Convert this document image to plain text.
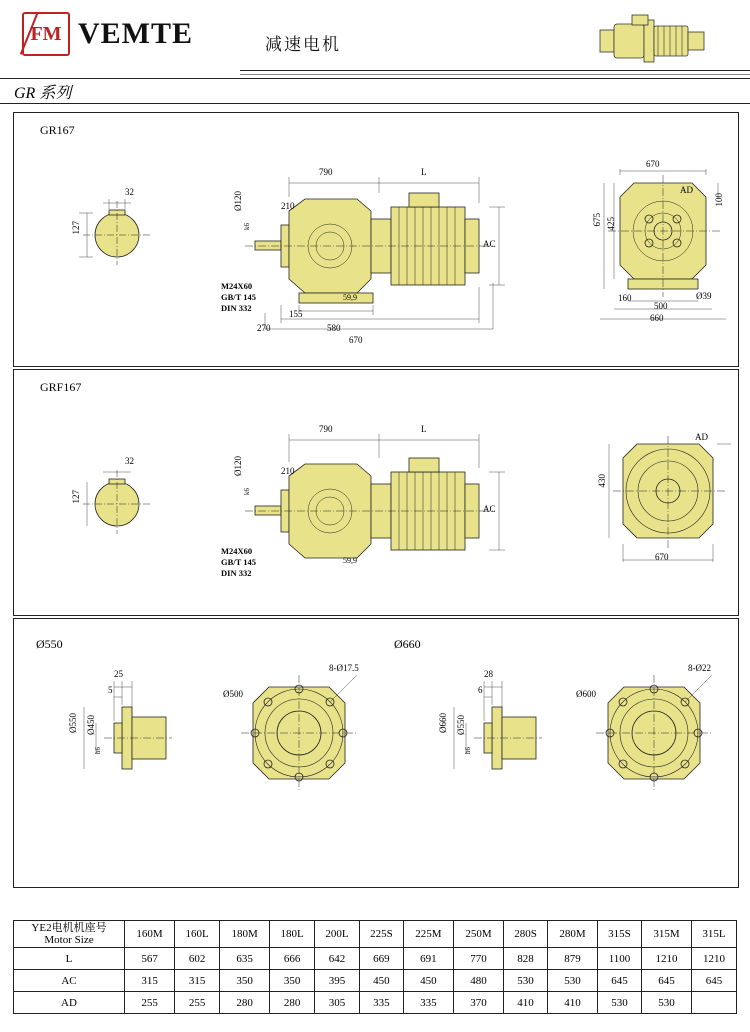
FM VEMTE	减速电机
GR 系列
GR167
32
127
790	L
Ø120
k6
210
AC
59,9
155
270	580
670
M24X60
GB/T 145
DIN 332
670
AD
675 425
100
160
500
660
Ø39
GRF167
32
127
790	L
Ø120
k6
210
AC
59,9
M24X60
GB/T 145
DIN 332
AD
430
670
Ø550	Ø660
25
5
Ø550 Ø450
h6
8-Ø17.5
Ø500
28
6
Ø660 Ø550
h6
8-Ø22
Ø600
YE2电机机座号
Motor Size	160M	160L	180M	180L	200L	225S	225M	250M	280S	280M	315S	315M	315L
L	567	602	635	666	642	669	691	770	828	879	1100	1210	1210
AC	315	315	350	350	395	450	450	480	530	530	645	645	645
AD	255	255	280	280	305	335	335	370	410	410	530	530	
